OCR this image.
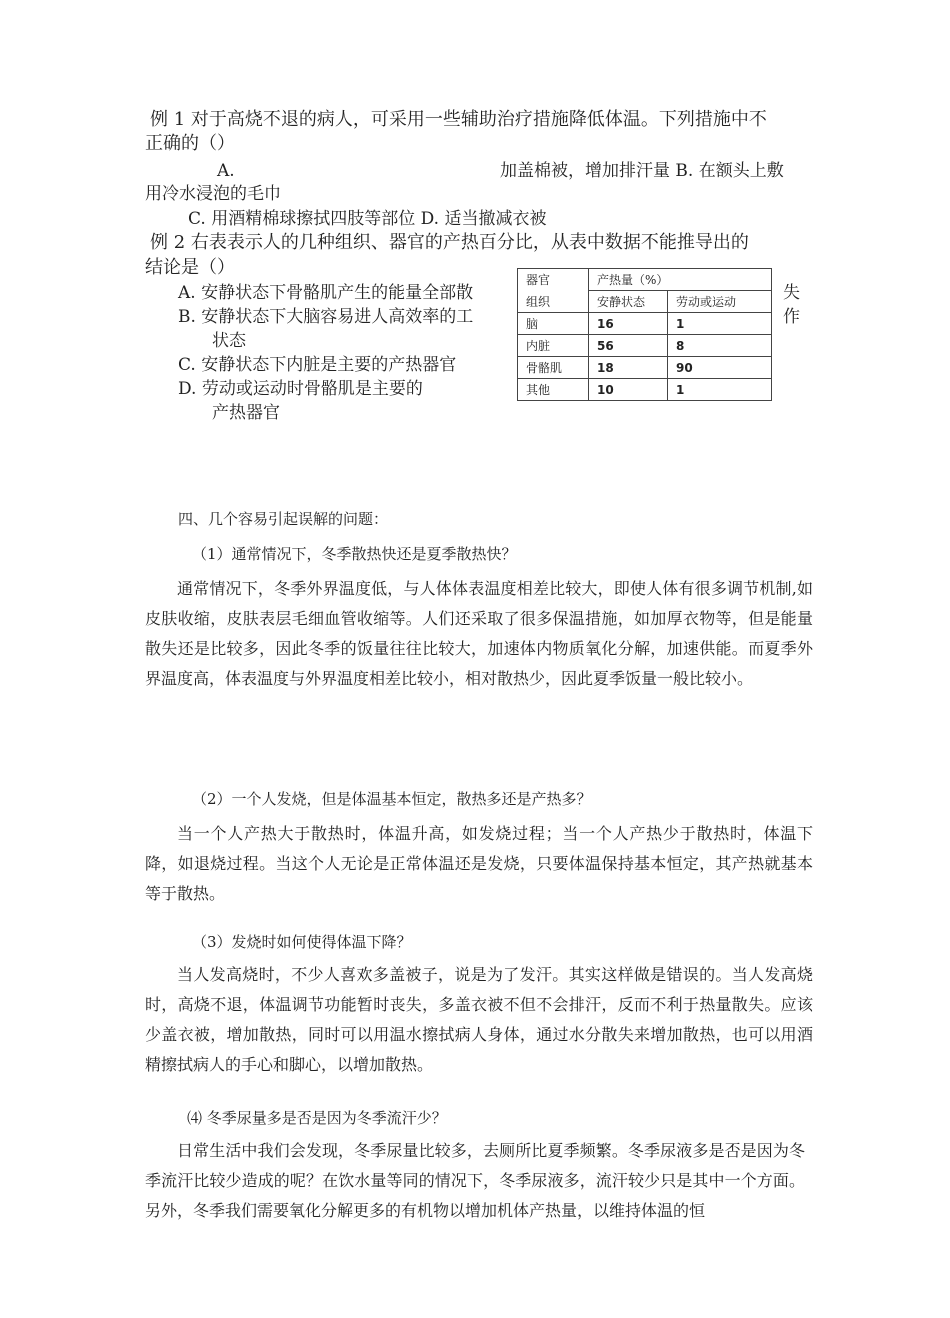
例 1 对于高烧不退的病人，可采用一些辅助治疗措施降低体温。下列措施中不
正确的（）
A.	加盖棉被，增加排汗量 B. 在额头上敷
用冷水浸泡的毛巾
C. 用酒精棉球擦拭四肢等部位 D. 适当撤减衣被
例 2 右表表示人的几种组织、器官的产热百分比，从表中数据不能推导出的
结论是（）
A. 安静状态下骨骼肌产生的能量全部散	失
作
B. 安静状态下大脑容易进人高效率的工
状态
C. 安静状态下内脏是主要的产热器官
D. 劳动或运动时骨骼肌是主要的
产热器官
器官	产热量（%）	
组织	安静状态	劳动或运动
脑	16	1
内脏	56	8
骨骼肌	18	90
其他	10	1
四、几个容易引起误解的问题：
（1）通常情况下，冬季散热快还是夏季散热快？
通常情况下，冬季外界温度低，与人体体表温度相差比较大，即使人体有很多调节机制,如皮肤收缩，皮肤表层毛细血管收缩等。人们还采取了很多保温措施，如加厚衣物等，但是能量散失还是比较多，因此冬季的饭量往往比较大，加速体内物质氧化分解，加速供能。而夏季外界温度高，体表温度与外界温度相差比较小，相对散热少，因此夏季饭量一般比较小。
（2）一个人发烧，但是体温基本恒定，散热多还是产热多？
当一个人产热大于散热时，体温升高，如发烧过程；当一个人产热少于散热时，体温下降，如退烧过程。当这个人无论是正常体温还是发烧，只要体温保持基本恒定，其产热就基本等于散热。
（3）发烧时如何使得体温下降？
当人发高烧时，不少人喜欢多盖被子，说是为了发汗。其实这样做是错误的。当人发高烧时，高烧不退，体温调节功能暂时丧失，多盖衣被不但不会排汗，反而不利于热量散失。应该少盖衣被，增加散热，同时可以用温水擦拭病人身体，通过水分散失来增加散热，也可以用酒精擦拭病人的手心和脚心，以增加散热。
⑷ 冬季尿量多是否是因为冬季流汗少？
日常生活中我们会发现，冬季尿量比较多，去厕所比夏季频繁。冬季尿液多是否是因为冬季流汗比较少造成的呢？在饮水量等同的情况下，冬季尿液多，流汗较少只是其中一个方面。另外，冬季我们需要氧化分解更多的有机物以增加机体产热量，以维持体温的恒
